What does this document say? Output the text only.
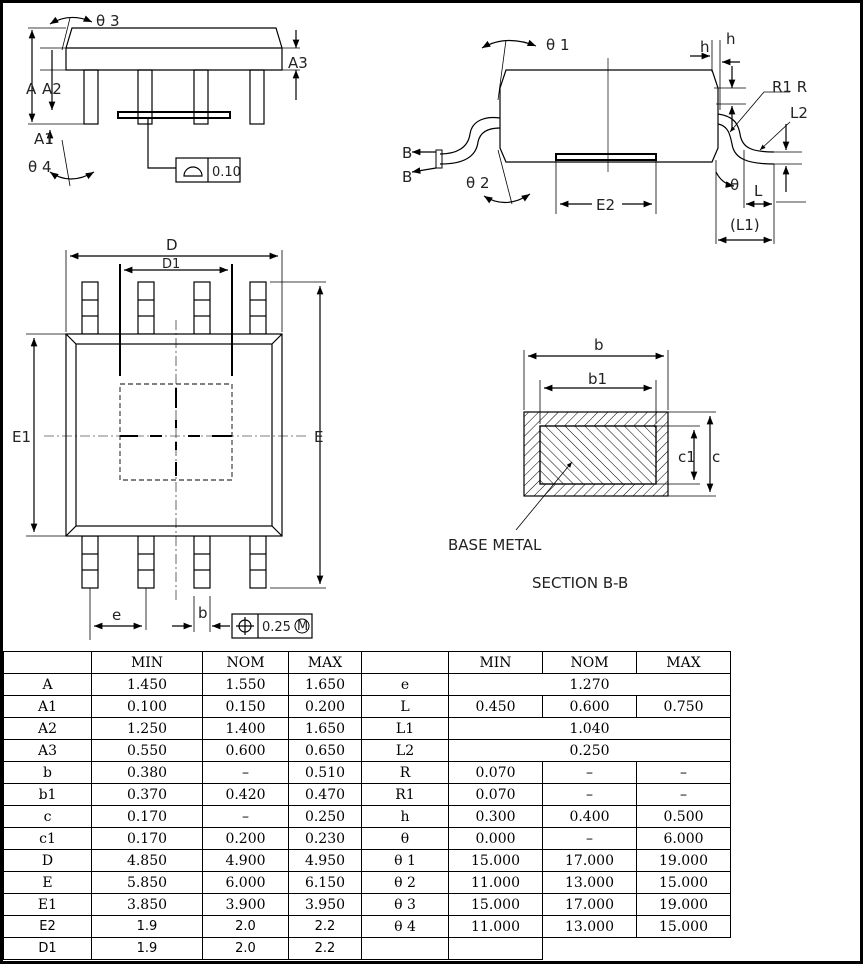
θ 3
A A2
A1
θ 4
A3
0.10
θ 1	h h
R1 R
L2
B
B	θ 2
E2
θ L
(L1)
D
D1
E1	E
e	b
0.25 M
b
b1
c1 c
BASE METAL
SECTION B-B
	MIN	NOM	MAX		MIN	NOM	MAX
A	1.450	1.550	1.650	e	1.270		
A1	0.100	0.150	0.200	L	0.450	0.600	0.750
A2	1.250	1.400	1.650	L1	1.040		
A3	0.550	0.600	0.650	L2	0.250		
b	0.380	–	0.510	R	0.070	–	–
b1	0.370	0.420	0.470	R1	0.070	–	–
c	0.170	–	0.250	h	0.300	0.400	0.500
c1	0.170	0.200	0.230	θ	0.000	–	6.000
D	4.850	4.900	4.950	θ 1	15.000	17.000	19.000
E	5.850	6.000	6.150	θ 2	11.000	13.000	15.000
E1	3.850	3.900	3.950	θ 3	15.000	17.000	19.000
E2	1.9	2.0	2.2	θ 4	11.000	13.000	15.000
D1	1.9	2.0	2.2				
